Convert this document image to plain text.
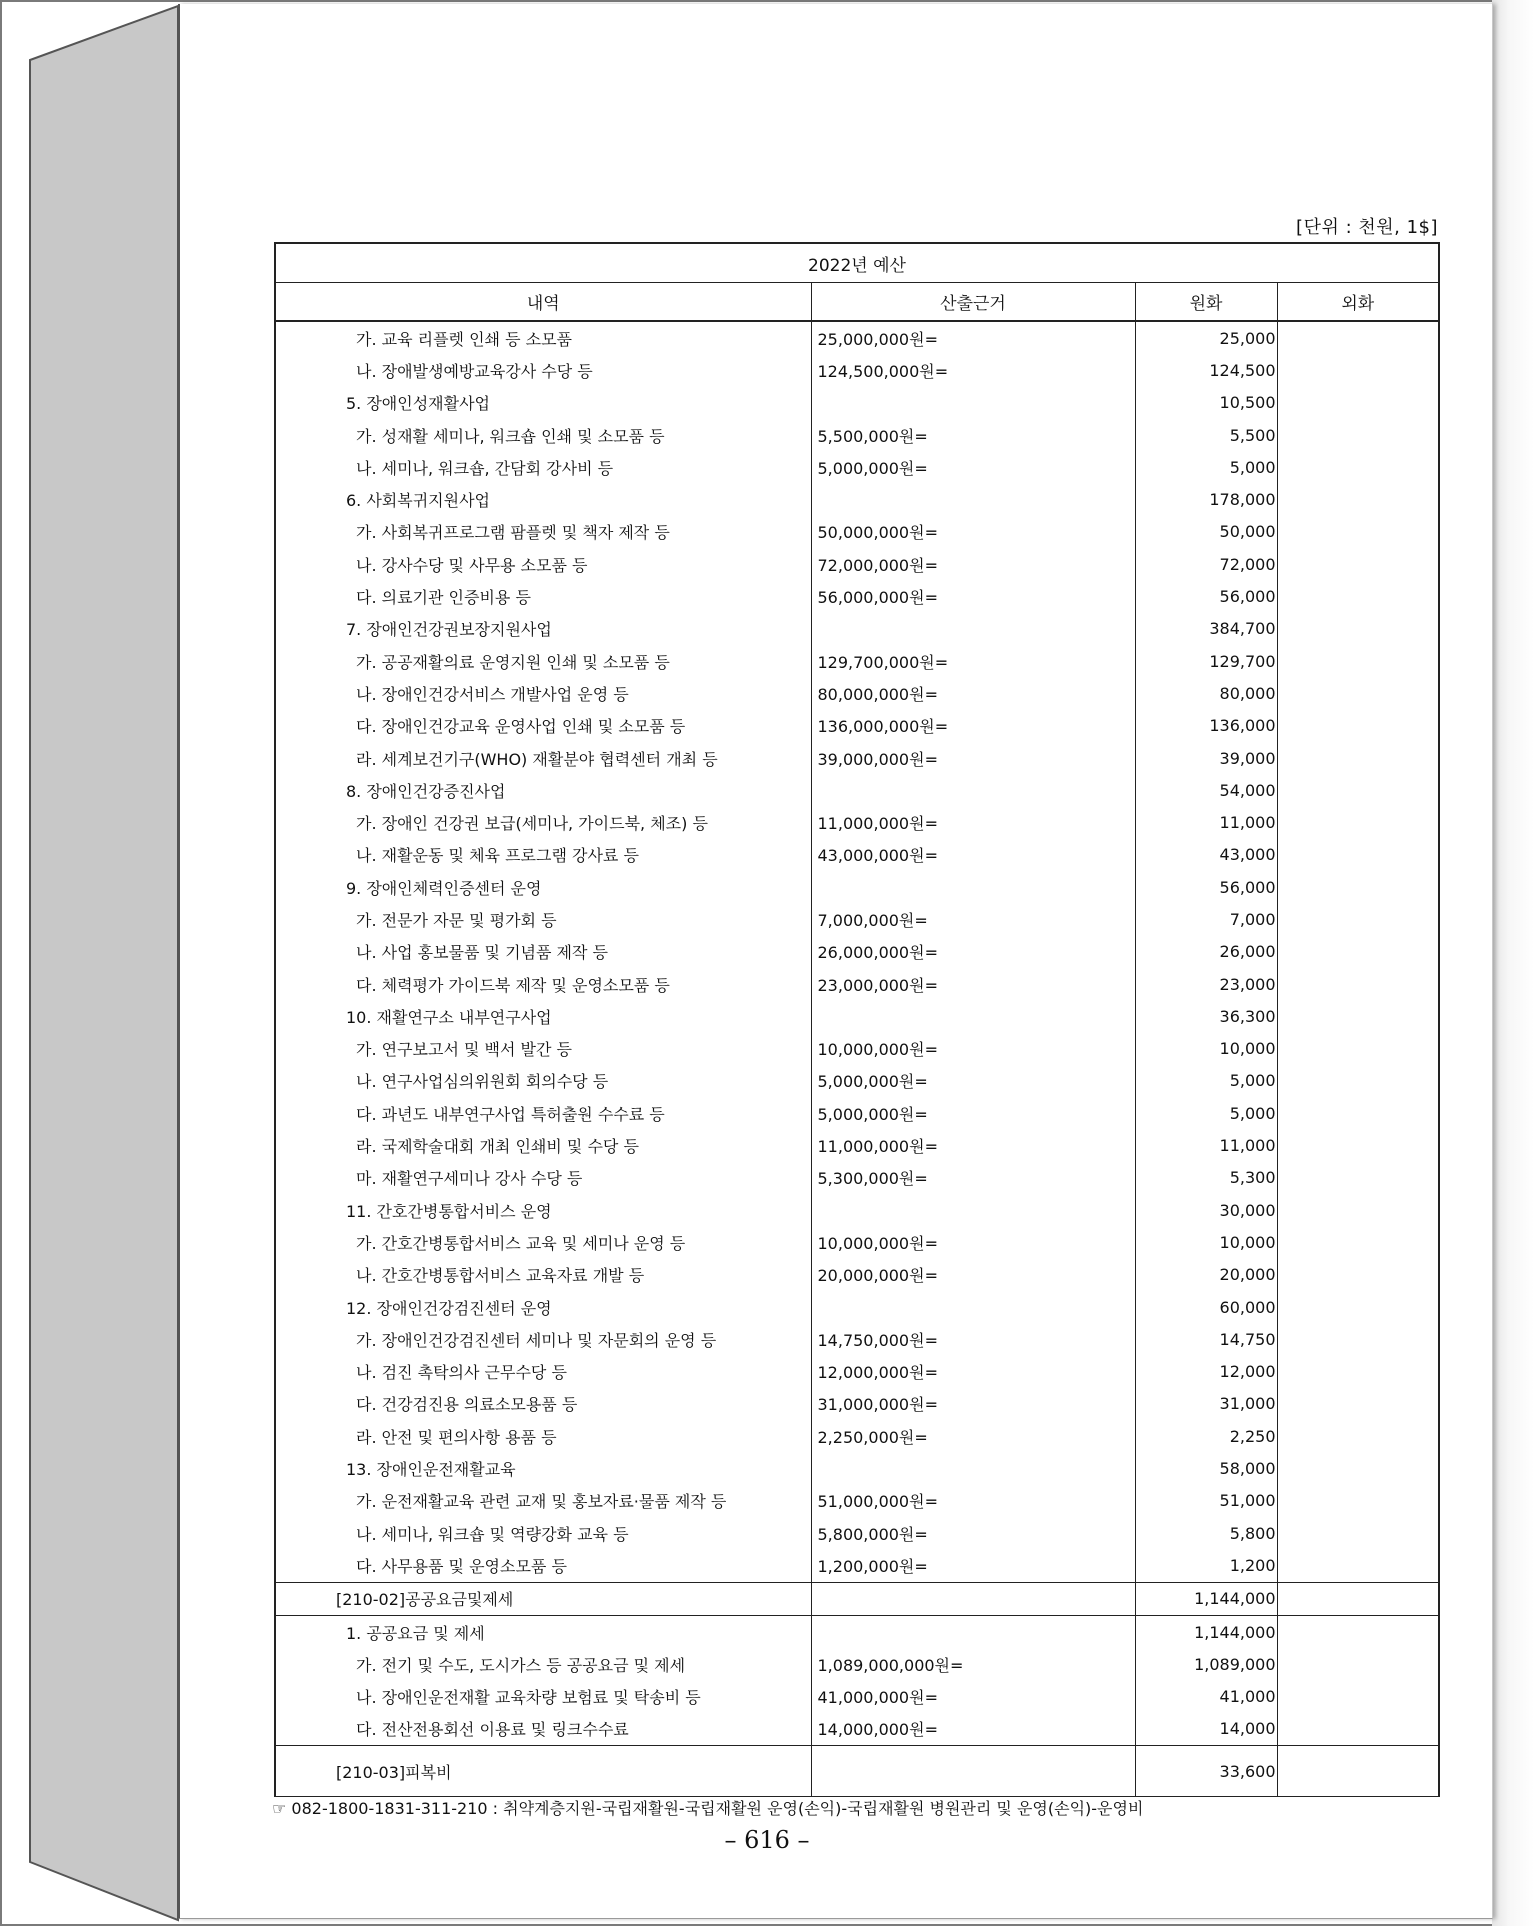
[단위 : 천원, 1$]
2022년 예산			
내역	산출근거	원화	외화
가. 교육 리플렛 인쇄 등 소모품	25,000,000원=	25,000	
나. 장애발생예방교육강사 수당 등	124,500,000원=	124,500	
5. 장애인성재활사업		10,500	
가. 성재활 세미나, 워크숍 인쇄 및 소모품 등	5,500,000원=	5,500	
나. 세미나, 워크숍, 간담회 강사비 등	5,000,000원=	5,000	
6. 사회복귀지원사업		178,000	
가. 사회복귀프로그램 팜플렛 및 책자 제작 등	50,000,000원=	50,000	
나. 강사수당 및 사무용 소모품 등	72,000,000원=	72,000	
다. 의료기관 인증비용 등	56,000,000원=	56,000	
7. 장애인건강권보장지원사업		384,700	
가. 공공재활의료 운영지원 인쇄 및 소모품 등	129,700,000원=	129,700	
나. 장애인건강서비스 개발사업 운영 등	80,000,000원=	80,000	
다. 장애인건강교육 운영사업 인쇄 및 소모품 등	136,000,000원=	136,000	
라. 세계보건기구(WHO) 재활분야 협력센터 개최 등	39,000,000원=	39,000	
8. 장애인건강증진사업		54,000	
가. 장애인 건강권 보급(세미나, 가이드북, 체조) 등	11,000,000원=	11,000	
나. 재활운동 및 체육 프로그램 강사료 등	43,000,000원=	43,000	
9. 장애인체력인증센터 운영		56,000	
가. 전문가 자문 및 평가회 등	7,000,000원=	7,000	
나. 사업 홍보물품 및 기념품 제작 등	26,000,000원=	26,000	
다. 체력평가 가이드북 제작 및 운영소모품 등	23,000,000원=	23,000	
10. 재활연구소 내부연구사업		36,300	
가. 연구보고서 및 백서 발간 등	10,000,000원=	10,000	
나. 연구사업심의위원회 회의수당 등	5,000,000원=	5,000	
다. 과년도 내부연구사업 특허출원 수수료 등	5,000,000원=	5,000	
라. 국제학술대회 개최 인쇄비 및 수당 등	11,000,000원=	11,000	
마. 재활연구세미나 강사 수당 등	5,300,000원=	5,300	
11. 간호간병통합서비스 운영		30,000	
가. 간호간병통합서비스 교육 및 세미나 운영 등	10,000,000원=	10,000	
나. 간호간병통합서비스 교육자료 개발 등	20,000,000원=	20,000	
12. 장애인건강검진센터 운영		60,000	
가. 장애인건강검진센터 세미나 및 자문회의 운영 등	14,750,000원=	14,750	
나. 검진 촉탁의사 근무수당 등	12,000,000원=	12,000	
다. 건강검진용 의료소모용품 등	31,000,000원=	31,000	
라. 안전 및 편의사항 용품 등	2,250,000원=	2,250	
13. 장애인운전재활교육		58,000	
가. 운전재활교육 관련 교재 및 홍보자료·물품 제작 등	51,000,000원=	51,000	
나. 세미나, 워크숍 및 역량강화 교육 등	5,800,000원=	5,800	
다. 사무용품 및 운영소모품 등	1,200,000원=	1,200	
[210-02]공공요금및제세		1,144,000	
1. 공공요금 및 제세		1,144,000	
가. 전기 및 수도, 도시가스 등 공공요금 및 제세	1,089,000,000원=	1,089,000	
나. 장애인운전재활 교육차량 보험료 및 탁송비 등	41,000,000원=	41,000	
다. 전산전용회선 이용료 및 링크수수료	14,000,000원=	14,000	
[210-03]피복비		33,600	
☞ 082-1800-1831-311-210 : 취약계층지원-국립재활원-국립재활원 운영(손익)-국립재활원 병원관리 및 운영(손익)-운영비
– 616 –
